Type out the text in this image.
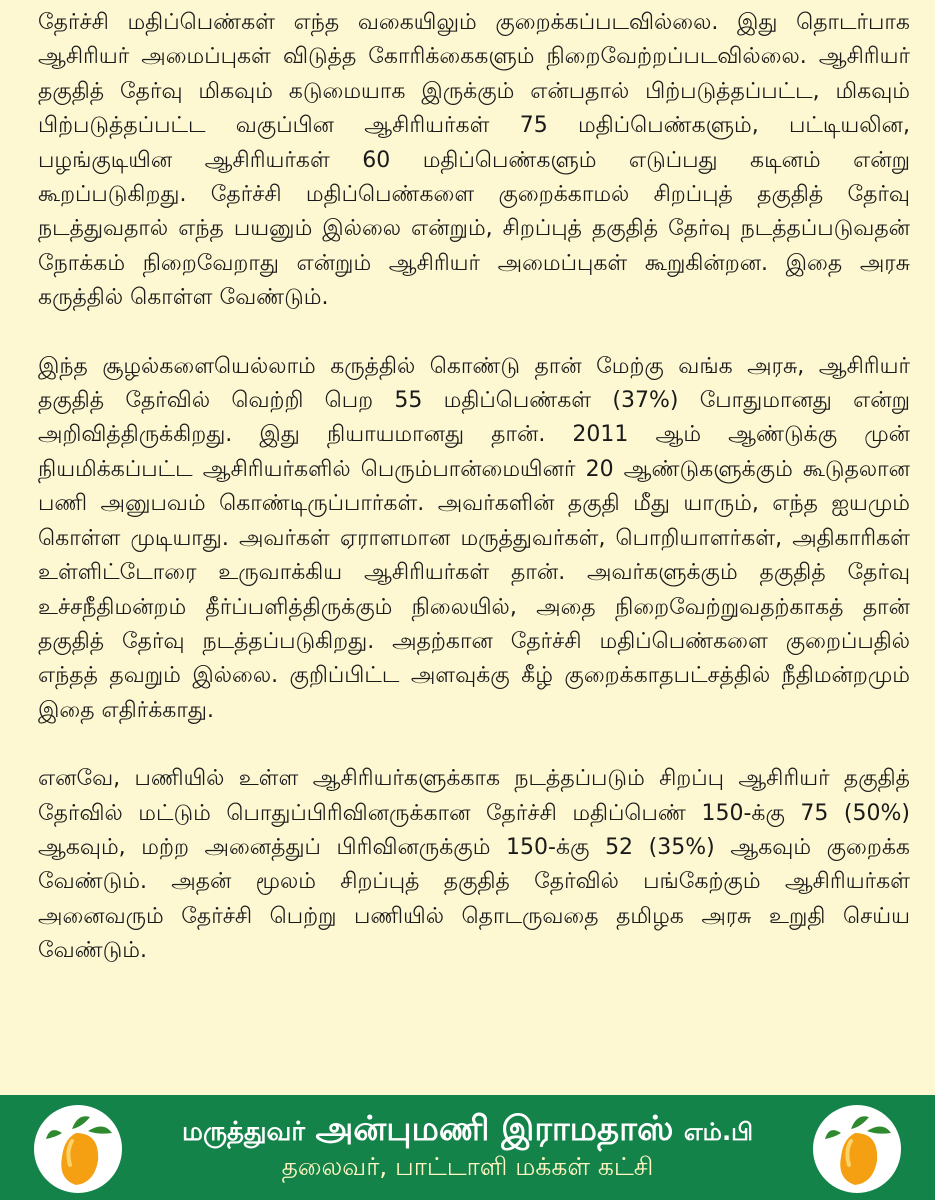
தேர்ச்சி மதிப்பெண்கள் எந்த வகையிலும் குறைக்கப்படவில்லை. இது தொடர்பாக ஆசிரியர் அமைப்புகள் விடுத்த கோரிக்கைகளும் நிறைவேற்றப்படவில்லை. ஆசிரியர் தகுதித் தேர்வு மிகவும் கடுமையாக இருக்கும் என்பதால் பிற்படுத்தப்பட்ட, மிகவும் பிற்படுத்தப்பட்ட வகுப்பின ஆசிரியர்கள் 75 மதிப்பெண்களும், பட்டியலின, பழங்குடியின ஆசிரியர்கள் 60 மதிப்பெண்களும் எடுப்பது கடினம் என்று கூறப்படுகிறது. தேர்ச்சி மதிப்பெண்களை குறைக்காமல் சிறப்புத் தகுதித் தேர்வு நடத்துவதால் எந்த பயனும் இல்லை என்றும், சிறப்புத் தகுதித் தேர்வு நடத்தப்படுவதன் நோக்கம் நிறைவேறாது என்றும் ஆசிரியர் அமைப்புகள் கூறுகின்றன. இதை அரசு கருத்தில் கொள்ள வேண்டும்.

இந்த சூழல்களையெல்லாம் கருத்தில் கொண்டு தான் மேற்கு வங்க அரசு, ஆசிரியர் தகுதித் தேர்வில் வெற்றி பெற 55 மதிப்பெண்கள் (37%) போதுமானது என்று அறிவித்திருக்கிறது. இது நியாயமானது தான். 2011 ஆம் ஆண்டுக்கு முன் நியமிக்கப்பட்ட ஆசிரியர்களில் பெரும்பான்மையினர் 20 ஆண்டுகளுக்கும் கூடுதலான பணி அனுபவம் கொண்டிருப்பார்கள். அவர்களின் தகுதி மீது யாரும், எந்த ஐயமும் கொள்ள முடியாது. அவர்கள் ஏராளமான மருத்துவர்கள், பொறியாளர்கள், அதிகாரிகள் உள்ளிட்டோரை உருவாக்கிய ஆசிரியர்கள் தான். அவர்களுக்கும் தகுதித் தேர்வு உச்சநீதிமன்றம் தீர்ப்பளித்திருக்கும் நிலையில், அதை நிறைவேற்றுவதற்காகத் தான் தகுதித் தேர்வு நடத்தப்படுகிறது. அதற்கான தேர்ச்சி மதிப்பெண்களை குறைப்பதில் எந்தத் தவறும் இல்லை. குறிப்பிட்ட அளவுக்கு கீழ் குறைக்காதபட்சத்தில் நீதிமன்றமும் இதை எதிர்க்காது.

எனவே, பணியில் உள்ள ஆசிரியர்களுக்காக நடத்தப்படும் சிறப்பு ஆசிரியர் தகுதித் தேர்வில் மட்டும் பொதுப்பிரிவினருக்கான தேர்ச்சி மதிப்பெண் 150-க்கு 75 (50%) ஆகவும், மற்ற அனைத்துப் பிரிவினருக்கும் 150-க்கு 52 (35%) ஆகவும் குறைக்க வேண்டும். அதன் மூலம் சிறப்புத் தகுதித் தேர்வில் பங்கேற்கும் ஆசிரியர்கள் அனைவரும் தேர்ச்சி பெற்று பணியில் தொடருவதை தமிழக அரசு உறுதி செய்ய வேண்டும்.

மருத்துவர் அன்புமணி இராமதாஸ் எம்.பி
தலைவர், பாட்டாளி மக்கள் கட்சி
